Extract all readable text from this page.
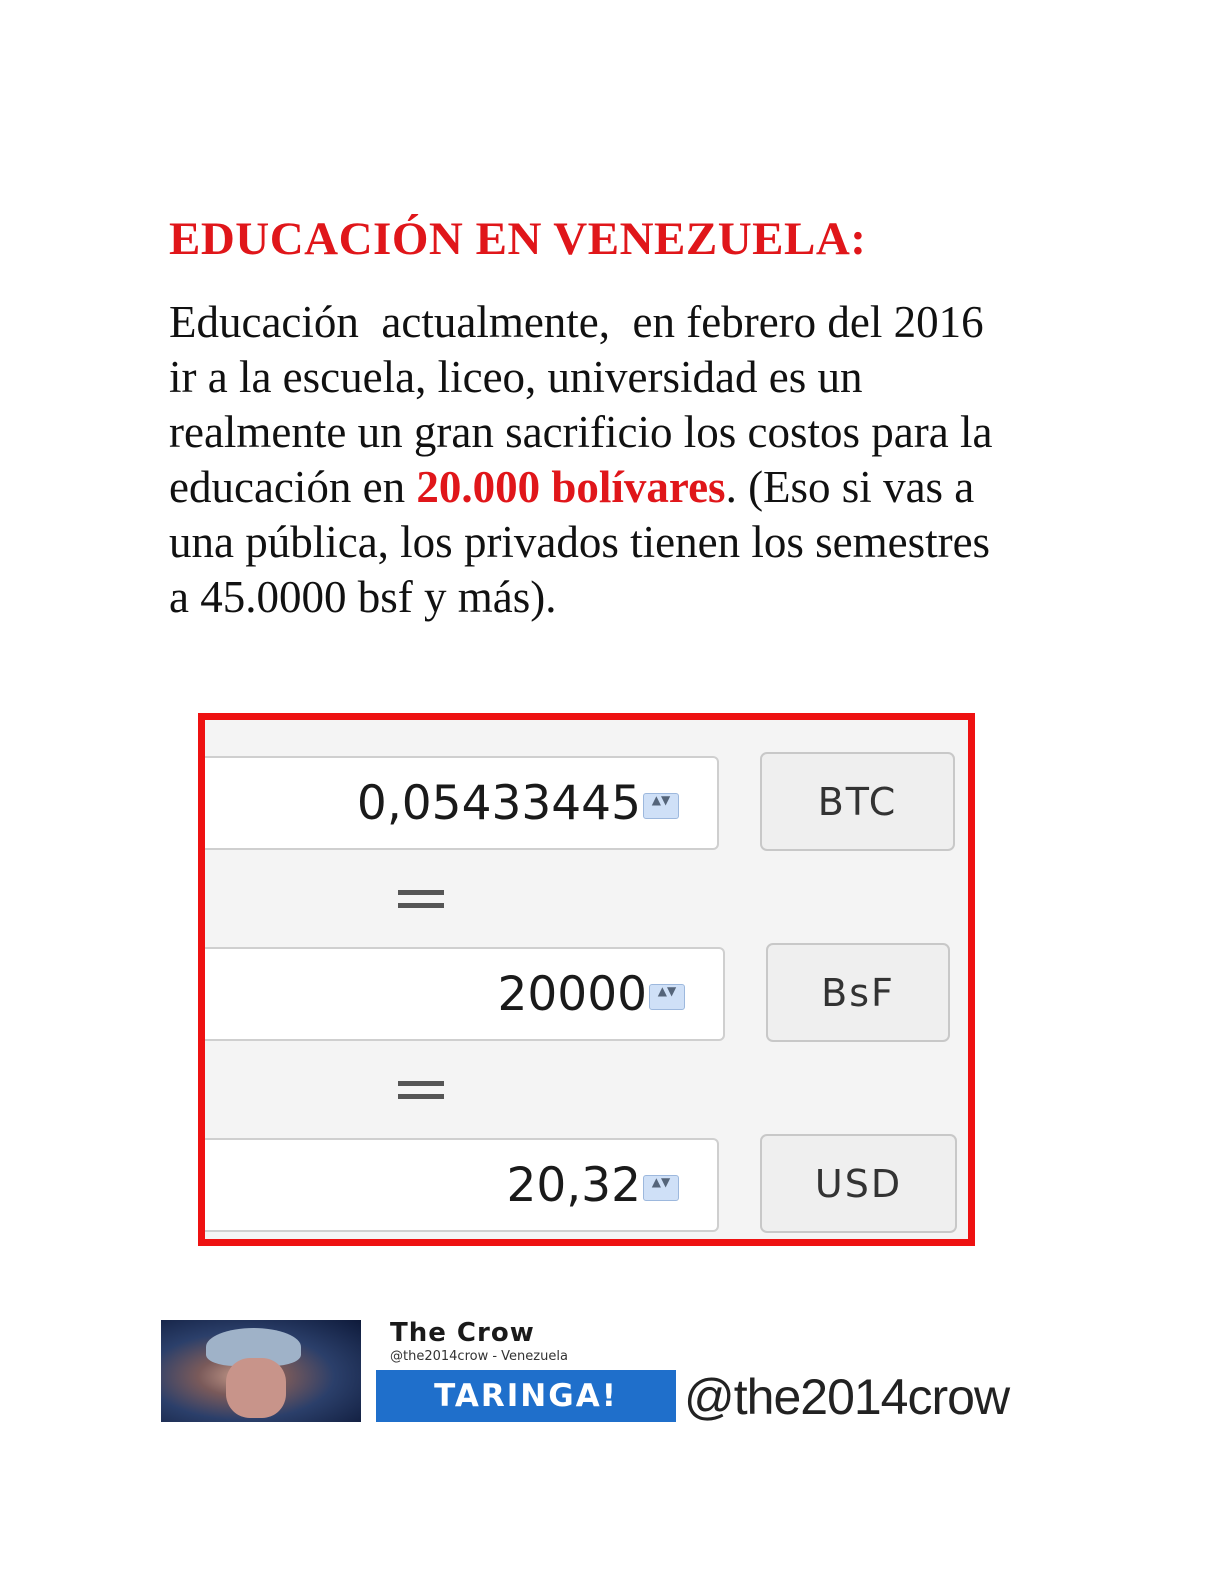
EDUCACIÓN EN VENEZUELA:
Educación  actualmente,  en febrero del 2016
ir a la escuela, liceo, universidad es un
realmente un gran sacrificio los costos para la
educación en 20.000 bolívares. (Eso si vas a
una pública, los privados tienen los semestres
a 45.0000 bsf y más).
0,05433445 ▲▼	BTC
20000 ▲▼	BsF
20,32 ▲▼	USD
The Crow
@the2014crow - Venezuela
TARINGA!	@the2014crow
